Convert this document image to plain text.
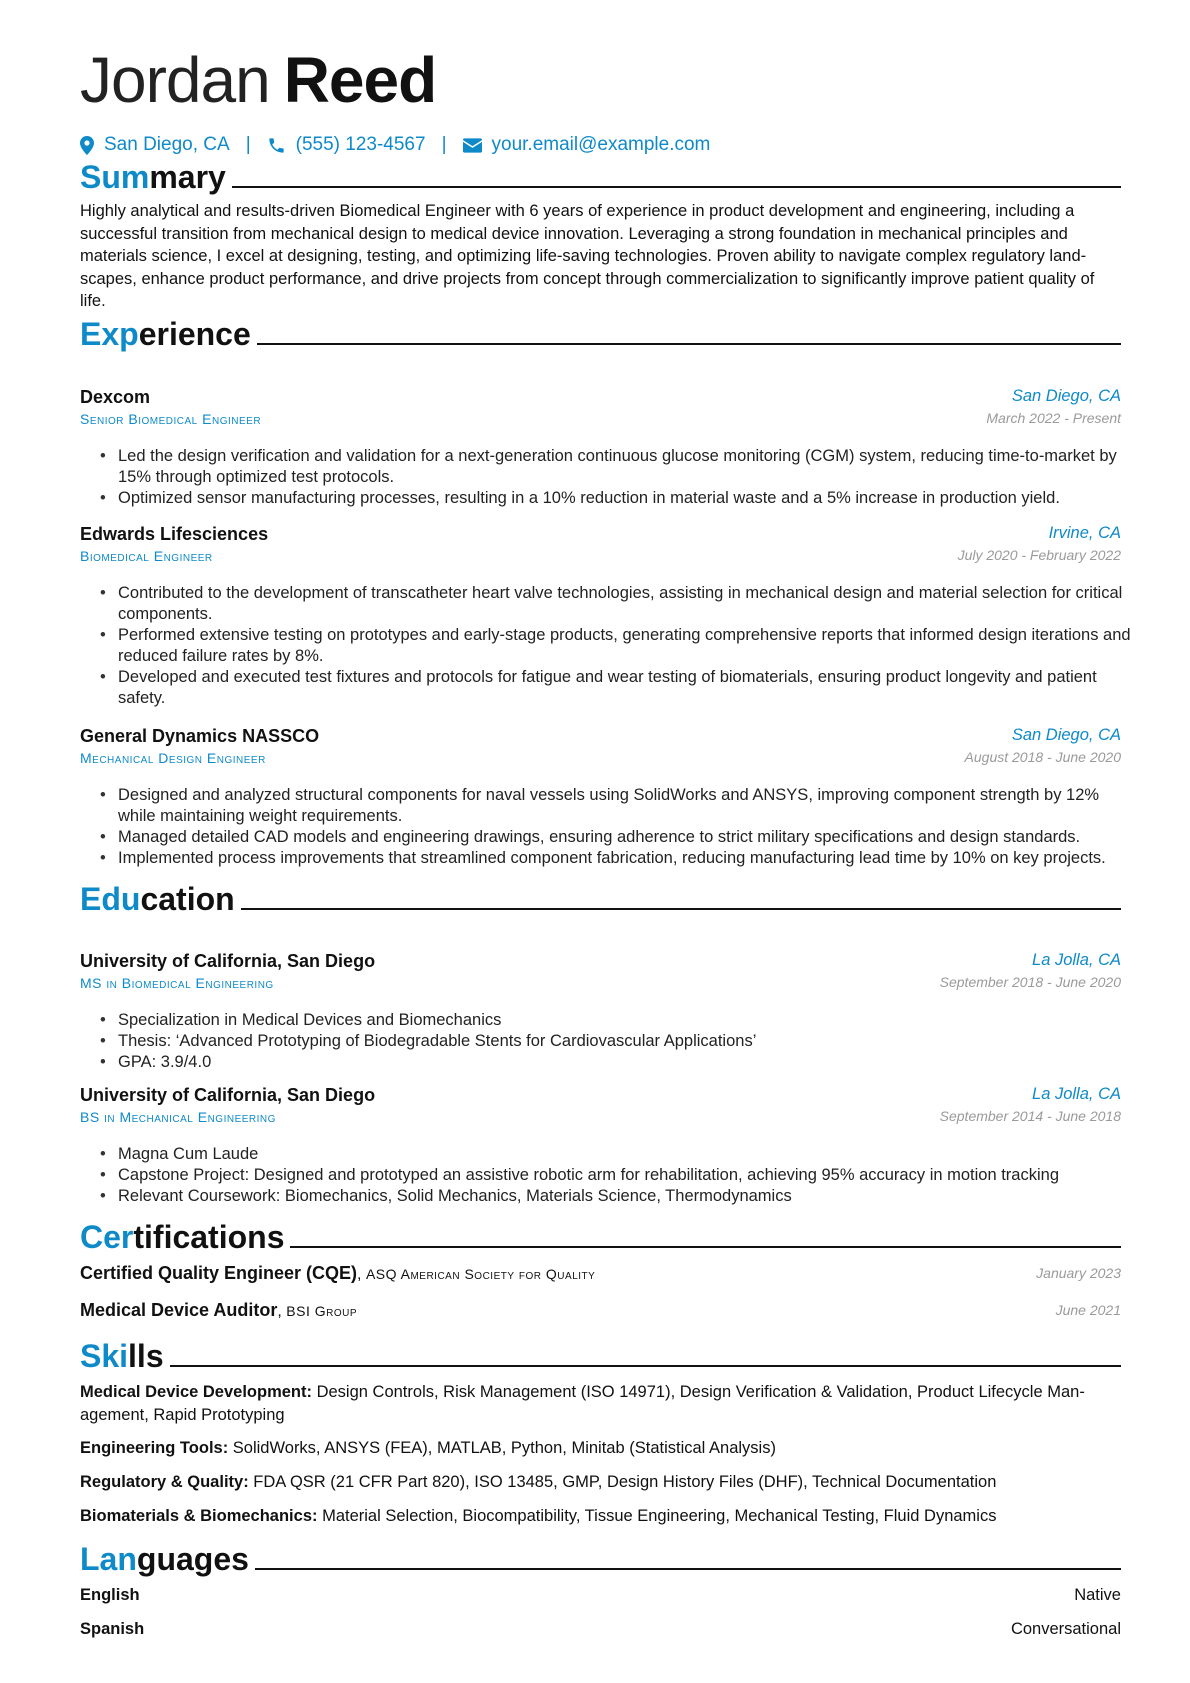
Jordan Reed
San Diego, CA | (555) 123-4567 | your.email@example.com
Summary
Highly analytical and results-driven Biomedical Engineer with 6 years of experience in product development and engineering, including a successful transition from mechanical design to medical device innovation. Leveraging a strong foundation in mechanical principles and materials science, I excel at designing, testing, and optimizing life-saving technologies. Proven ability to navigate complex regulatory landscapes, enhance product performance, and drive projects from concept through commercialization to significantly improve patient quality of life.
Experience
Dexcom	San Diego, CA
Senior Biomedical Engineer	March 2022 - Present
• Led the design verification and validation for a next-generation continuous glucose monitoring (CGM) system, reducing time-to-market by 15% through optimized test protocols.
• Optimized sensor manufacturing processes, resulting in a 10% reduction in material waste and a 5% increase in production yield.
Edwards Lifesciences	Irvine, CA
Biomedical Engineer	July 2020 - February 2022
• Contributed to the development of transcatheter heart valve technologies, assisting in mechanical design and material selection for critical components.
• Performed extensive testing on prototypes and early-stage products, generating comprehensive reports that informed design iterations and reduced failure rates by 8%.
• Developed and executed test fixtures and protocols for fatigue and wear testing of biomaterials, ensuring product longevity and patient safety.
General Dynamics NASSCO	San Diego, CA
Mechanical Design Engineer	August 2018 - June 2020
• Designed and analyzed structural components for naval vessels using SolidWorks and ANSYS, improving component strength by 12% while maintaining weight requirements.
• Managed detailed CAD models and engineering drawings, ensuring adherence to strict military specifications and design standards.
• Implemented process improvements that streamlined component fabrication, reducing manufacturing lead time by 10% on key projects.
Education
University of California, San Diego	La Jolla, CA
MS in Biomedical Engineering	September 2018 - June 2020
• Specialization in Medical Devices and Biomechanics
• Thesis: ‘Advanced Prototyping of Biodegradable Stents for Cardiovascular Applications’
• GPA: 3.9/4.0
University of California, San Diego	La Jolla, CA
BS in Mechanical Engineering	September 2014 - June 2018
• Magna Cum Laude
• Capstone Project: Designed and prototyped an assistive robotic arm for rehabilitation, achieving 95% accuracy in motion tracking
• Relevant Coursework: Biomechanics, Solid Mechanics, Materials Science, Thermodynamics
Certifications
Certified Quality Engineer (CQE), ASQ American Society for Quality	January 2023
Medical Device Auditor, BSI Group	June 2021
Skills
Medical Device Development: Design Controls, Risk Management (ISO 14971), Design Verification & Validation, Product Lifecycle Management, Rapid Prototyping
Engineering Tools: SolidWorks, ANSYS (FEA), MATLAB, Python, Minitab (Statistical Analysis)
Regulatory & Quality: FDA QSR (21 CFR Part 820), ISO 13485, GMP, Design History Files (DHF), Technical Documentation
Biomaterials & Biomechanics: Material Selection, Biocompatibility, Tissue Engineering, Mechanical Testing, Fluid Dynamics
Languages
English	Native
Spanish	Conversational
